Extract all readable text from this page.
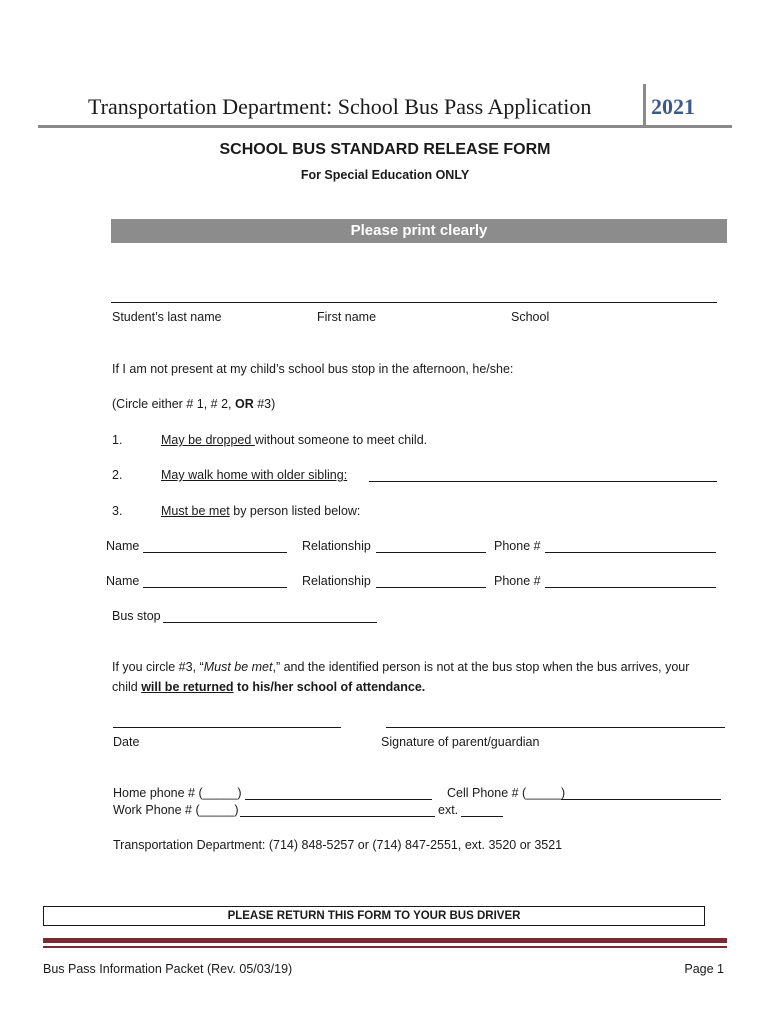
Transportation Department: School Bus Pass Application	2021
SCHOOL BUS STANDARD RELEASE FORM
For Special Education ONLY
Please print clearly
Student’s last name	First name	School
If I am not present at my child’s school bus stop in the afternoon, he/she:
(Circle either # 1, # 2, OR #3)
1.	May be dropped without someone to meet child.
2.	May walk home with older sibling:
3.	Must be met by person listed below:
Name	Relationship	Phone #
Name	Relationship	Phone #
Bus stop
If you circle #3, “Must be met,” and the identified person is not at the bus stop when the bus arrives, your
child will be returned to his/her school of attendance.
Date	Signature of parent/guardian
Home phone # (_____)	Cell Phone # (_____)
Work Phone # (_____)	ext.
Transportation Department: (714) 848-5257 or (714) 847-2551, ext. 3520 or 3521
PLEASE RETURN THIS FORM TO YOUR BUS DRIVER
Bus Pass Information Packet (Rev. 05/03/19)	Page 1
